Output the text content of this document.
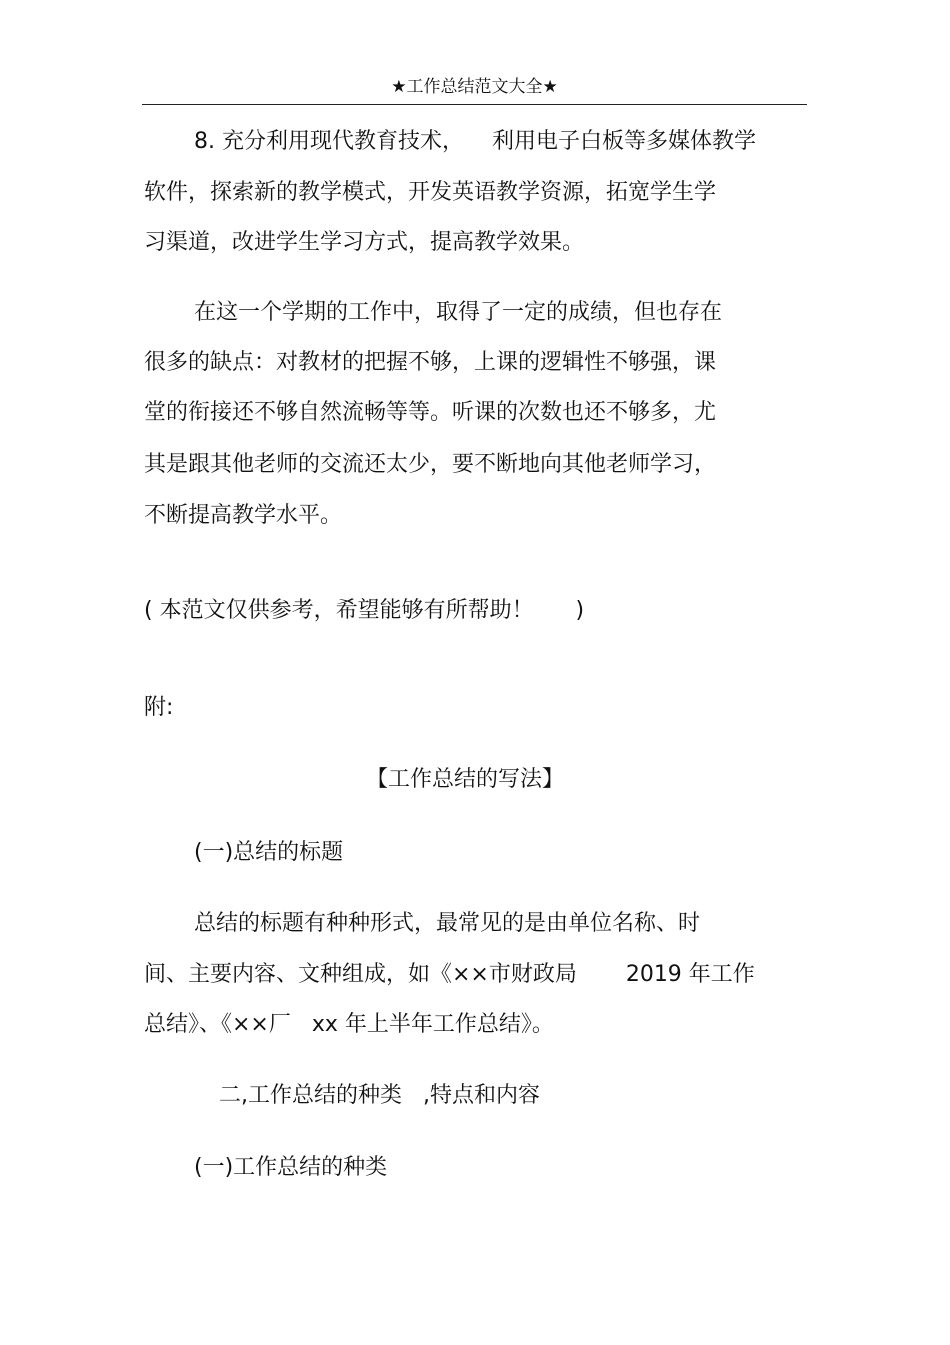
★工作总结范文大全★
8. 充分利用现代教育技术，    利用电子白板等多媒体教学
软件，探索新的教学模式，开发英语教学资源，拓宽学生学
习渠道，改进学生学习方式，提高教学效果。
在这一个学期的工作中，取得了一定的成绩，但也存在
很多的缺点：对教材的把握不够，上课的逻辑性不够强，课
堂的衔接还不够自然流畅等等。听课的次数也还不够多，尤
其是跟其他老师的交流还太少，要不断地向其他老师学习，
不断提高教学水平。
( 本范文仅供参考，希望能够有所帮助！      )
附:
【工作总结的写法】
(一)总结的标题
总结的标题有种种形式，最常见的是由单位名称、时
间、主要内容、文种组成，如《××市财政局       2019 年工作
总结》、《××厂   xx 年上半年工作总结》。
二,工作总结的种类   ,特点和内容
(一)工作总结的种类
